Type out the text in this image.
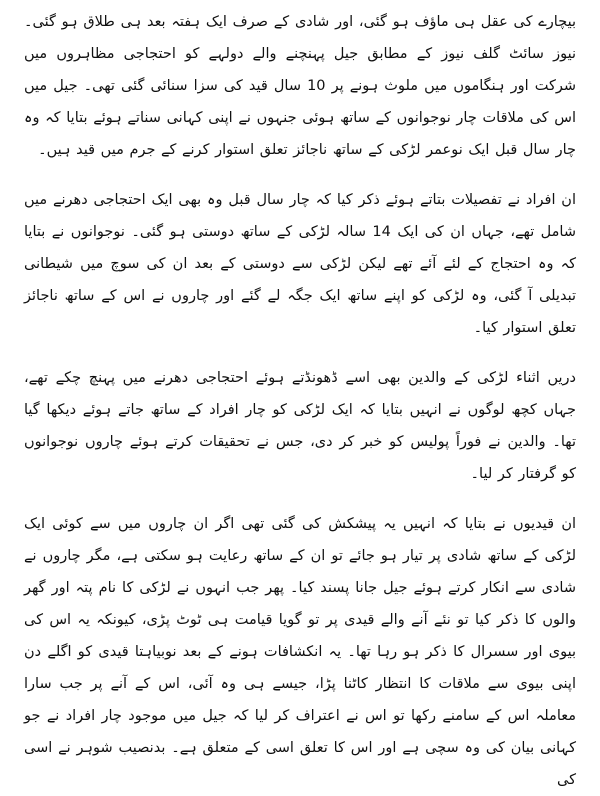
بیچارے کی عقل ہی ماؤف ہو گئی، اور شادی کے صرف ایک ہفتہ بعد ہی طلاق ہو گئی۔ نیوز سائٹ گلف نیوز کے مطابق جیل پہنچنے والے دولہے کو احتجاجی مظاہروں میں شرکت اور ہنگاموں میں ملوث ہونے پر 10 سال قید کی سزا سنائی گئی تھی۔ جیل میں اس کی ملاقات چار نوجوانوں کے ساتھ ہوئی جنہوں نے اپنی کہانی سناتے ہوئے بتایا کہ وہ چار سال قبل ایک نوعمر لڑکی کے ساتھ ناجائز تعلق استوار کرنے کے جرم میں قید ہیں۔

ان افراد نے تفصیلات بتاتے ہوئے ذکر کیا کہ چار سال قبل وہ بھی ایک احتجاجی دھرنے میں شامل تھے، جہاں ان کی ایک 14 سالہ لڑکی کے ساتھ دوستی ہو گئی۔ نوجوانوں نے بتایا کہ وہ احتجاج کے لئے آئے تھے لیکن لڑکی سے دوستی کے بعد ان کی سوچ میں شیطانی تبدیلی آ گئی، وہ لڑکی کو اپنے ساتھ ایک جگہ لے گئے اور چاروں نے اس کے ساتھ ناجائز تعلق استوار کیا۔

دریں اثناء لڑکی کے والدین بھی اسے ڈھونڈتے ہوئے احتجاجی دھرنے میں پہنچ چکے تھے، جہاں کچھ لوگوں نے انہیں بتایا کہ ایک لڑکی کو چار افراد کے ساتھ جاتے ہوئے دیکھا گیا تھا۔ والدین نے فوراً پولیس کو خبر کر دی، جس نے تحقیقات کرتے ہوئے چاروں نوجوانوں کو گرفتار کر لیا۔

ان قیدیوں نے بتایا کہ انہیں یہ پیشکش کی گئی تھی اگر ان چاروں میں سے کوئی ایک لڑکی کے ساتھ شادی پر تیار ہو جائے تو ان کے ساتھ رعایت ہو سکتی ہے، مگر چاروں نے شادی سے انکار کرتے ہوئے جیل جانا پسند کیا۔ پھر جب انہوں نے لڑکی کا نام پتہ اور گھر والوں کا ذکر کیا تو نئے آنے والے قیدی پر تو گویا قیامت ہی ٹوٹ پڑی، کیونکہ یہ اس کی بیوی اور سسرال کا ذکر ہو رہا تھا۔ یہ انکشافات ہونے کے بعد نوبیاہتا قیدی کو اگلے دن اپنی بیوی سے ملاقات کا انتظار کاٹنا پڑا، جیسے ہی وہ آئی، اس کے آنے پر جب سارا معاملہ اس کے سامنے رکھا تو اس نے اعتراف کر لیا کہ جیل میں موجود چار افراد نے جو کہانی بیان کی وہ سچی ہے اور اس کا تعلق اسی کے متعلق ہے۔ بدنصیب شوہر نے اسی کی
